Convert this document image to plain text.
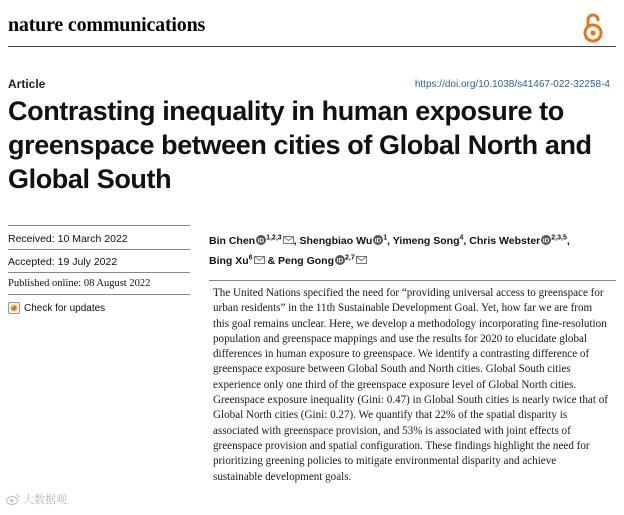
nature communications
Article	https://doi.org/10.1038/s41467-022-32258-4
Contrasting inequality in human exposure to greenspace between cities of Global North and Global South
Received: 10 March 2022
Accepted: 19 July 2022
Published online: 08 August 2022
Check for updates
Bin Chen iD $^{1,2,3}$ , Shengbiao Wu iD $^1$, Yimeng Song$^4$, Chris Webster iD $^{2,3,5}$,
Bing Xu$^6$ & Peng Gong iD $^{2,7}$

The United Nations specified the need for “providing universal access to greenspace for urban residents” in the 11th Sustainable Development Goal. Yet, how far we are from this goal remains unclear. Here, we develop a methodology incorporating fine-resolution population and greenspace mappings and use the results for 2020 to elucidate global differences in human exposure to greenspace. We identify a contrasting difference of greenspace exposure between Global South and North cities. Global South cities experience only one third of the greenspace exposure level of Global North cities. Greenspace exposure inequality (Gini: 0.47) in Global South cities is nearly twice that of Global North cities (Gini: 0.27). We quantify that 22% of the spatial disparity is associated with greenspace provision, and 53% is associated with joint effects of greenspace provision and spatial configuration. These findings highlight the need for prioritizing greening policies to mitigate environmental disparity and achieve sustainable development goals.

大数据观
